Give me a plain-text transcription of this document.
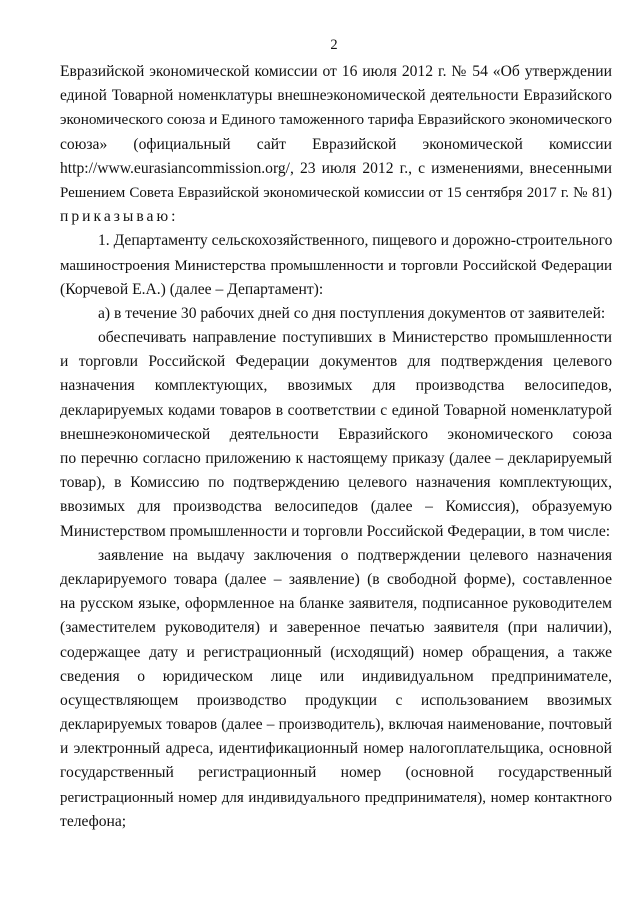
2
Евразийской экономической комиссии от 16 июля 2012 г. № 54 «Об утверждении
единой Товарной номенклатуры внешнеэкономической деятельности Евразийского
экономического союза и Единого таможенного тарифа Евразийского экономического
союза» (официальный сайт Евразийской экономической комиссии
http://www.eurasiancommission.org/, 23 июля 2012 г., с изменениями, внесенными
Решением Совета Евразийской экономической комиссии от 15 сентября 2017 г. № 81)
приказываю:
1. Департаменту сельскохозяйственного, пищевого и дорожно-строительного
машиностроения Министерства промышленности и торговли Российской Федерации
(Корчевой Е.А.) (далее – Департамент):
а) в течение 30 рабочих дней со дня поступления документов от заявителей:
обеспечивать направление поступивших в Министерство промышленности
и торговли Российской Федерации документов для подтверждения целевого
назначения комплектующих, ввозимых для производства велосипедов,
декларируемых кодами товаров в соответствии с единой Товарной номенклатурой
внешнеэкономической деятельности Евразийского экономического союза
по перечню согласно приложению к настоящему приказу (далее – декларируемый
товар), в Комиссию по подтверждению целевого назначения комплектующих,
ввозимых для производства велосипедов (далее – Комиссия), образуемую
Министерством промышленности и торговли Российской Федерации, в том числе:
заявление на выдачу заключения о подтверждении целевого назначения
декларируемого товара (далее – заявление) (в свободной форме), составленное
на русском языке, оформленное на бланке заявителя, подписанное руководителем
(заместителем руководителя) и заверенное печатью заявителя (при наличии),
содержащее дату и регистрационный (исходящий) номер обращения, а также
сведения о юридическом лице или индивидуальном предпринимателе,
осуществляющем производство продукции с использованием ввозимых
декларируемых товаров (далее – производитель), включая наименование, почтовый
и электронный адреса, идентификационный номер налогоплательщика, основной
государственный регистрационный номер (основной государственный
регистрационный номер для индивидуального предпринимателя), номер контактного
телефона;
